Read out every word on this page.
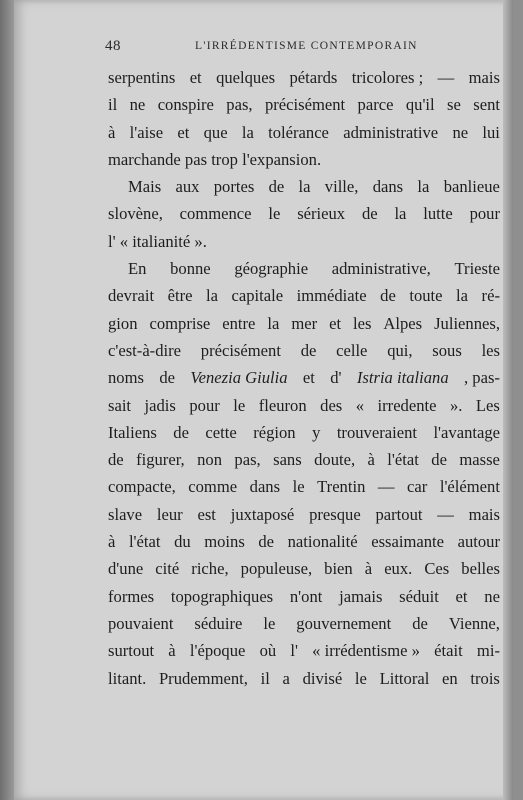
48	L'IRRÉDENTISME CONTEMPORAIN
serpentins et quelques pétards tricolores ; — mais
il ne conspire pas, précisément parce qu'il se sent
à l'aise et que la tolérance administrative ne lui
marchande pas trop l'expansion.
Mais aux portes de la ville, dans la banlieue
slovène, commence le sérieux de la lutte pour
l' « italianité ».
En bonne géographie administrative, Trieste
devrait être la capitale immédiate de toute la ré-
gion comprise entre la mer et les Alpes Juliennes,
c'est-à-dire précisément de celle qui, sous les
noms de Venezia Giulia et d' Istria italiana , pas-
sait jadis pour le fleuron des « irredente ». Les
Italiens de cette région y trouveraient l'avantage
de figurer, non pas, sans doute, à l'état de masse
compacte, comme dans le Trentin — car l'élément
slave leur est juxtaposé presque partout — mais
à l'état du moins de nationalité essaimante autour
d'une cité riche, populeuse, bien à eux. Ces belles
formes topographiques n'ont jamais séduit et ne
pouvaient séduire le gouvernement de Vienne,
surtout à l'époque où l' « irrédentisme » était mi-
litant. Prudemment, il a divisé le Littoral en trois
